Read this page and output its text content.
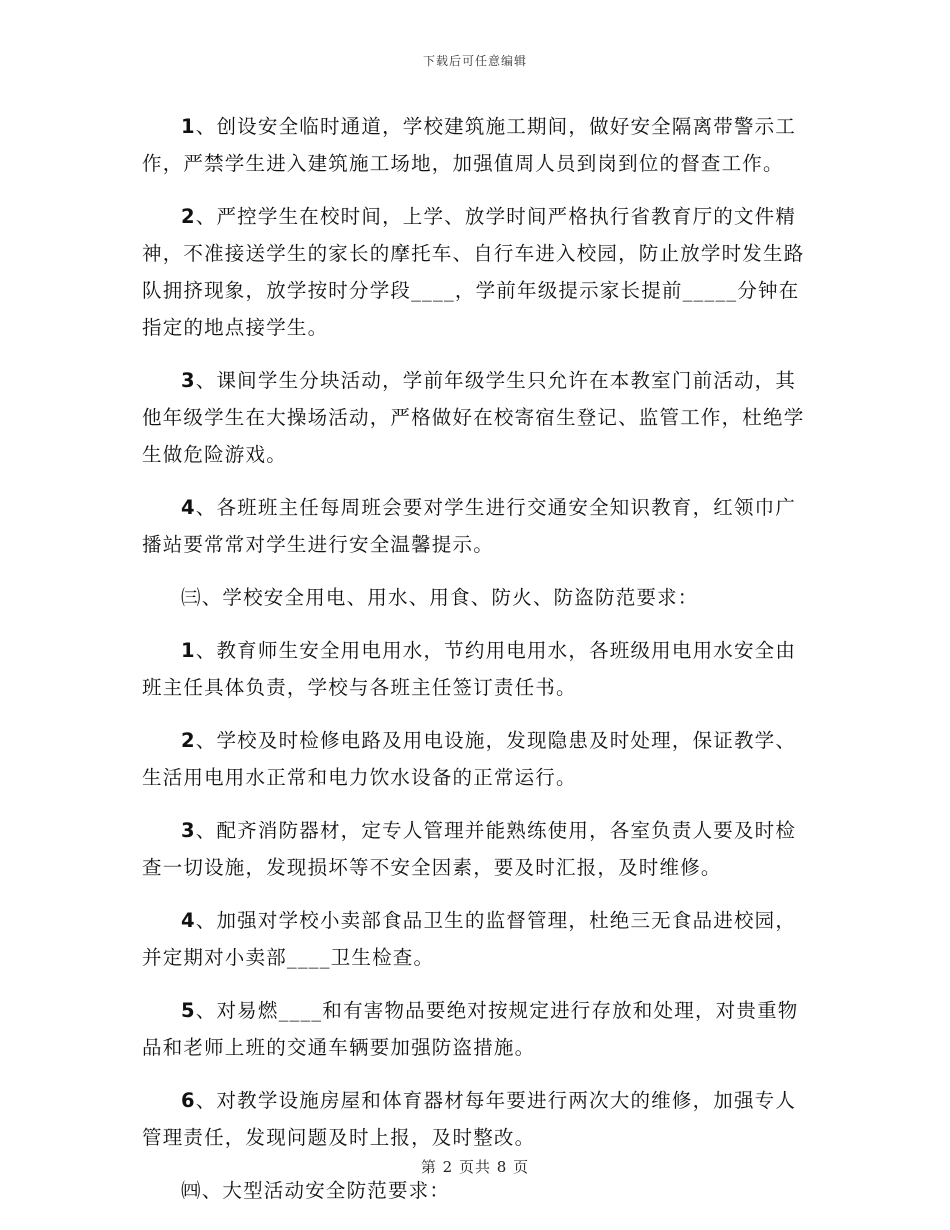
下载后可任意编辑

1、创设安全临时通道，学校建筑施工期间，做好安全隔离带警示工作，严禁学生进入建筑施工场地，加强值周人员到岗到位的督查工作。

2、严控学生在校时间，上学、放学时间严格执行省教育厅的文件精神，不准接送学生的家长的摩托车、自行车进入校园，防止放学时发生路队拥挤现象，放学按时分学段____，学前年级提示家长提前_____分钟在指定的地点接学生。

3、课间学生分块活动，学前年级学生只允许在本教室门前活动，其他年级学生在大操场活动，严格做好在校寄宿生登记、监管工作，杜绝学生做危险游戏。

4、各班班主任每周班会要对学生进行交通安全知识教育，红领巾广播站要常常对学生进行安全温馨提示。

㈢、学校安全用电、用水、用食、防火、防盗防范要求：

1、教育师生安全用电用水，节约用电用水，各班级用电用水安全由班主任具体负责，学校与各班主任签订责任书。

2、学校及时检修电路及用电设施，发现隐患及时处理，保证教学、生活用电用水正常和电力饮水设备的正常运行。

3、配齐消防器材，定专人管理并能熟练使用，各室负责人要及时检查一切设施，发现损坏等不安全因素，要及时汇报，及时维修。

4、加强对学校小卖部食品卫生的监督管理，杜绝三无食品进校园，并定期对小卖部____卫生检查。

5、对易燃____和有害物品要绝对按规定进行存放和处理，对贵重物品和老师上班的交通车辆要加强防盗措施。

6、对教学设施房屋和体育器材每年要进行两次大的维修，加强专人管理责任，发现问题及时上报，及时整改。

㈣、大型活动安全防范要求：

第 2 页共 8 页
